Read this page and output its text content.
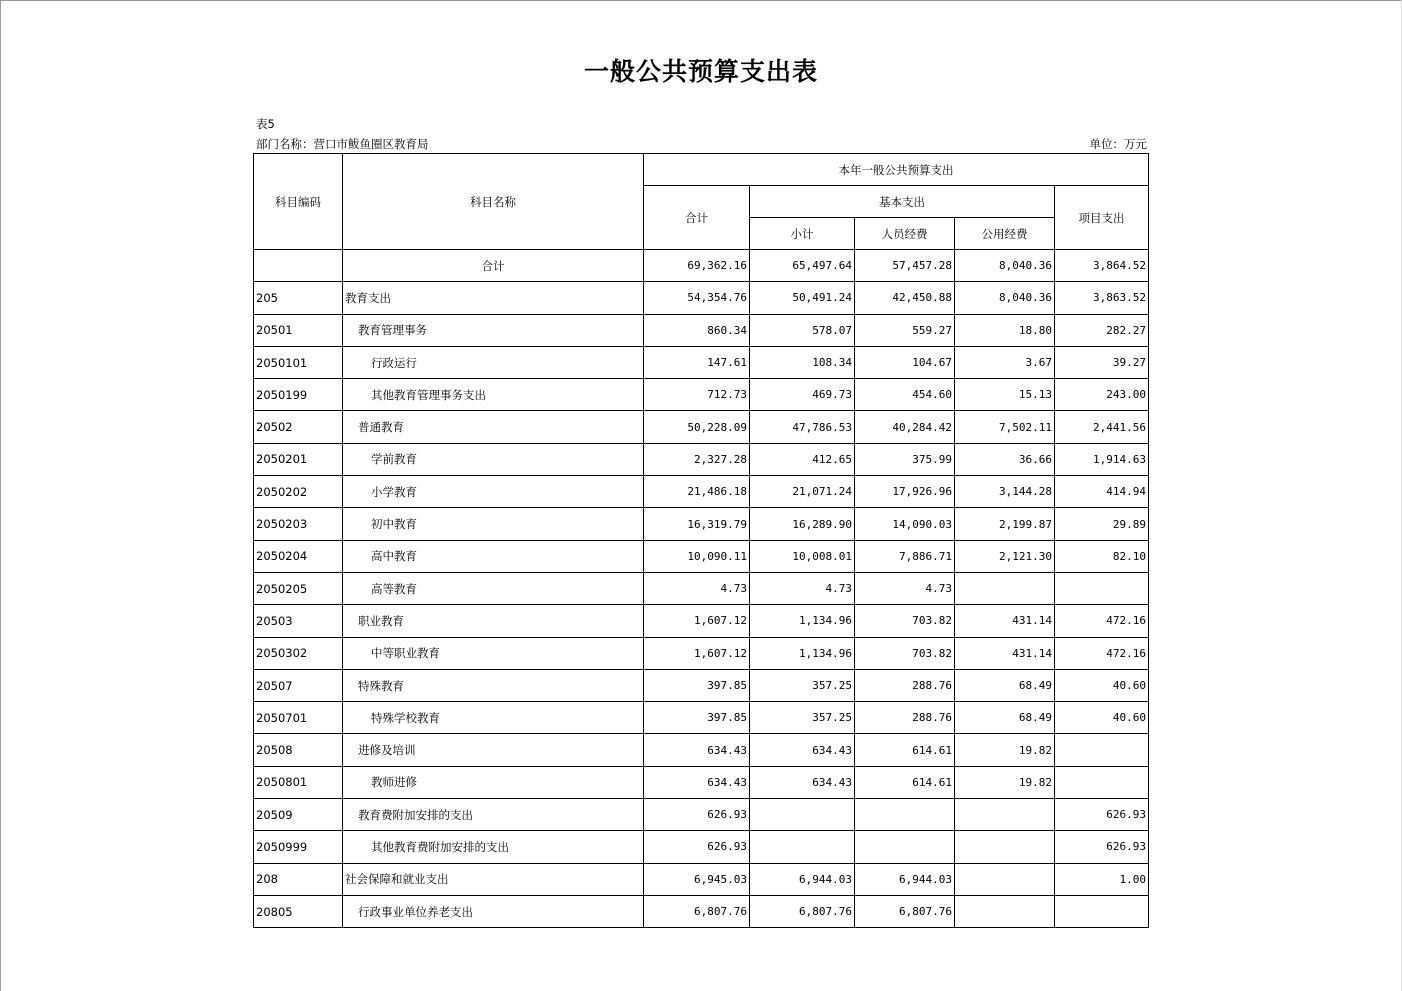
一般公共预算支出表
表5
部门名称：营口市鲅鱼圈区教育局	单位：万元
科目编码	科目名称	本年一般公共预算支出				
		合计	基本支出			项目支出
			小计	人员经费	公用经费	
	合计	69,362.16	65,497.64	57,457.28	8,040.36	3,864.52
205	教育支出	54,354.76	50,491.24	42,450.88	8,040.36	3,863.52
20501	教育管理事务	860.34	578.07	559.27	18.80	282.27
2050101	行政运行	147.61	108.34	104.67	3.67	39.27
2050199	其他教育管理事务支出	712.73	469.73	454.60	15.13	243.00
20502	普通教育	50,228.09	47,786.53	40,284.42	7,502.11	2,441.56
2050201	学前教育	2,327.28	412.65	375.99	36.66	1,914.63
2050202	小学教育	21,486.18	21,071.24	17,926.96	3,144.28	414.94
2050203	初中教育	16,319.79	16,289.90	14,090.03	2,199.87	29.89
2050204	高中教育	10,090.11	10,008.01	7,886.71	2,121.30	82.10
2050205	高等教育	4.73	4.73	4.73		
20503	职业教育	1,607.12	1,134.96	703.82	431.14	472.16
2050302	中等职业教育	1,607.12	1,134.96	703.82	431.14	472.16
20507	特殊教育	397.85	357.25	288.76	68.49	40.60
2050701	特殊学校教育	397.85	357.25	288.76	68.49	40.60
20508	进修及培训	634.43	634.43	614.61	19.82	
2050801	教师进修	634.43	634.43	614.61	19.82	
20509	教育费附加安排的支出	626.93				626.93
2050999	其他教育费附加安排的支出	626.93				626.93
208	社会保障和就业支出	6,945.03	6,944.03	6,944.03		1.00
20805	行政事业单位养老支出	6,807.76	6,807.76	6,807.76		
